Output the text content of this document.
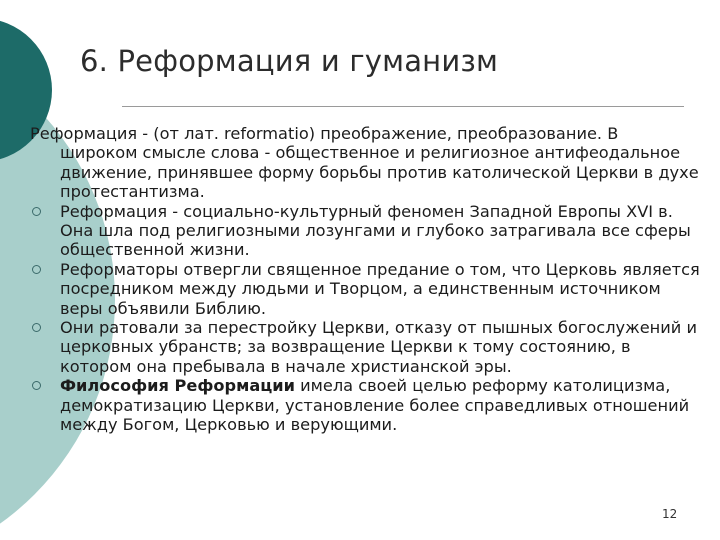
6. Реформация и гуманизм

Реформация - (от лат. reformatio) преображение, преобразование. В широком смысле слова - общественное и религиозное антифеодальное движение, принявшее форму борьбы против католической Церкви в духе протестантизма.

Реформация - социально-культурный феномен Западной Европы XVI в. Она шла под религиозными лозунгами и глубоко затрагивала все сферы общественной жизни.

Реформаторы отвергли священное предание о том, что Церковь является посредником между людьми и Творцом, а единственным источником веры объявили Библию.

Они ратовали за перестройку Церкви, отказу от пышных богослужений и церковных убранств; за возвращение Церкви к тому состоянию, в котором она пребывала в начале христианской эры.

Философия Реформации имела своей целью реформу католицизма, демократизацию Церкви, установление более справедливых отношений между Богом, Церковью и верующими.

12
